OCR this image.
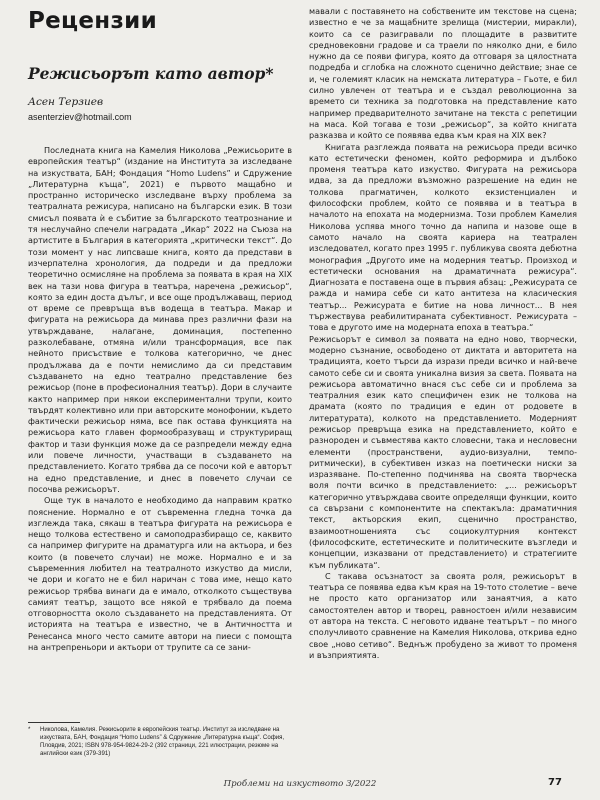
Рецензии	мавали с поставянето на собствените им текстове на сцена; известно е че за мащабните зрелища (мистерии, миракли), които са се разигравали по площадите в развитите средновековни градове и са траели по няколко дни, е било нужно да се появи фигура, която да отговаря за цялостната подредба и сглобка на сложното сценично действие; знае се и, че големият класик на немската литература – Гьоте, е бил силно увлечен от театъра и е създал революционна за времето си техника за подготовка на представление като например предварителното зачитане на текста с репетиции на маса. Кой тогава е този „режисьор“, за който книгата разказва и който се появява едва към края на XIX век?

Книгата разглежда появата на режисьора преди всичко като естетически феномен, който реформира и дълбоко променя театъра като изкуство. Фигурата на режисьора идва, за да предложи възможно разрешение на един не толкова прагматичен, колкото екзистенциален и философски проблем, който се появява и в театъра в началото на епохата на модернизма. Този проблем Камелия Николова успява много точно да напипа и назове още в самото начало на своята кариера на театрален изследовател, когато през 1995 г. публикува своята дебютна монография „Другото име на модерния театър. Произход и естетически основания на драматичната режисура“. Диагнозата е поставена още в първия абзац: „Режисурата се ражда и намира себе си като антитеза на класическия театър... Режисурата е битие на нова личност... В нея тържествува реабилитираната субективност. Режисурата – това е другото име на модерната епоха в театъра.“

Режисьорът е символ за появата на едно ново, творчески, модерно съзнание, освободено от диктата и авторитета на традицията, което търси да изрази преди всичко и най-вече самото себе си и своята уникална визия за света. Появата на режисьора автоматично внася със себе си и проблема за театралния език като специфичен език не толкова на драмата (която по традиция е един от родовете в литературата), колкото на представлението. Модерният режисьор превръща езика на представлението, който е разнороден и съвместява както словесни, така и несловесни елементи (пространствени, аудио-визуални, темпо-ритмически), в субективен изказ на поетически ниски за изразяване. По-степенно подчинява на своята творческа воля почти всичко в представлението: „... режисьорът категорично утвърждава своите определящи функции, които са свързани с компонентите на спектакъла: драматичния текст, актьорския екип, сценично пространство, взаимоотношенията със социокултурния контекст (философските, естетическите и политическите възгледи и концепции, изказвани от представлението) и стратегиите към публиката“.

С такава осъзнатост за своята роля, режисьорът в театъра се появява едва към края на 19-тото столетие – вече не просто като организатор или занаятчия, а като самостоятелен автор и творец, равностоен и/или независим от автора на текста. С неговото идване театърът – по много сполучливото сравнение на Камелия Николова, открива едно свое „ново сетиво“. Веднъж пробудено за живот то променя и възприятията.

Режисьорът като автор*
Асен Терзиев
asenterziev@hotmail.com

Последната книга на Камелия Николова „Режисьорите в европейския театър“ (издание на Института за изследване на изкуствата, БАН; Фондация “Homo Ludens” и Сдружение „Литературна къща“, 2021) е първото мащабно и пространно историческо изследване върху проблема за театралната режисура, написано на български език. В този смисъл появата ѝ е събитие за българското театрознание и тя неслучайно спечели наградата „Икар“ 2022 на Съюза на артистите в България в категорията „критически текст“. До този момент у нас липсваше книга, която да представи в изчерпателна хронология, да подреди и да предложи теоретично осмисляне на проблема за появата в края на XIX век на тази нова фигура в театъра, наречена „режисьор“, която за един доста дълъг, и все още продължаващ, период от време се превръща във водеща в театъра. Макар и фигурата на режисьора да минава през различни фази на утвърждаване, налагане, доминация, постепенно разколебаване, отмяна и/или трансформация, все пак нейното присъствие е толкова категорично, че днес продължава да е почти немислимо да си представим създаването на едно театрално представление без режисьор (поне в професионалния театър). Дори в случаите както например при някои експериментални трупи, които твърдят колективно или при авторските монофонии, където фактически режисьор няма, все пак остава функцията на режисьора като главен формообразуващ и структуриращ фактор и тази функция може да се разпредели между една или повече личности, участващи в създаването на представлението. Когато трябва да се посочи кой е авторът на едно представление, и днес в повечето случаи се посочва режисьорът.

Още тук в началото е необходимо да направим кратко пояснение. Нормално е от съвременна гледна точка да изглежда така, сякаш в театъра фигурата на режисьора е нещо толкова естествено и самоподразбиращо се, каквито са например фигурите на драматурга или на актьора, и без които (в повечето случаи) не може. Нормално е и за съвременния любител на театралното изкуство да мисли, че дори и когато не е бил наричан с това име, нещо като режисьор трябва винаги да е имало, отколкото съществува самият театър, защото все някой е трябвало да поема отговорността около създаването на представленията. От историята на театъра е известно, че в Античността и Ренесанса много често самите автори на пиеси с помощта на антрепреньори и актьори от трупите са се зани-

*	Николова, Камелия. Режисьорите в европейския театър. Институт за изследване на изкуствата, БАН, Фондация “Homo Ludens” & Сдружение „Литературна къща“. София, Пловдив, 2021; ISBN 978-954-9824-29-2 (392 страници, 221 илюстрации, резюме на английски език (379-391)
Проблеми на изкуството 3/2022	77
